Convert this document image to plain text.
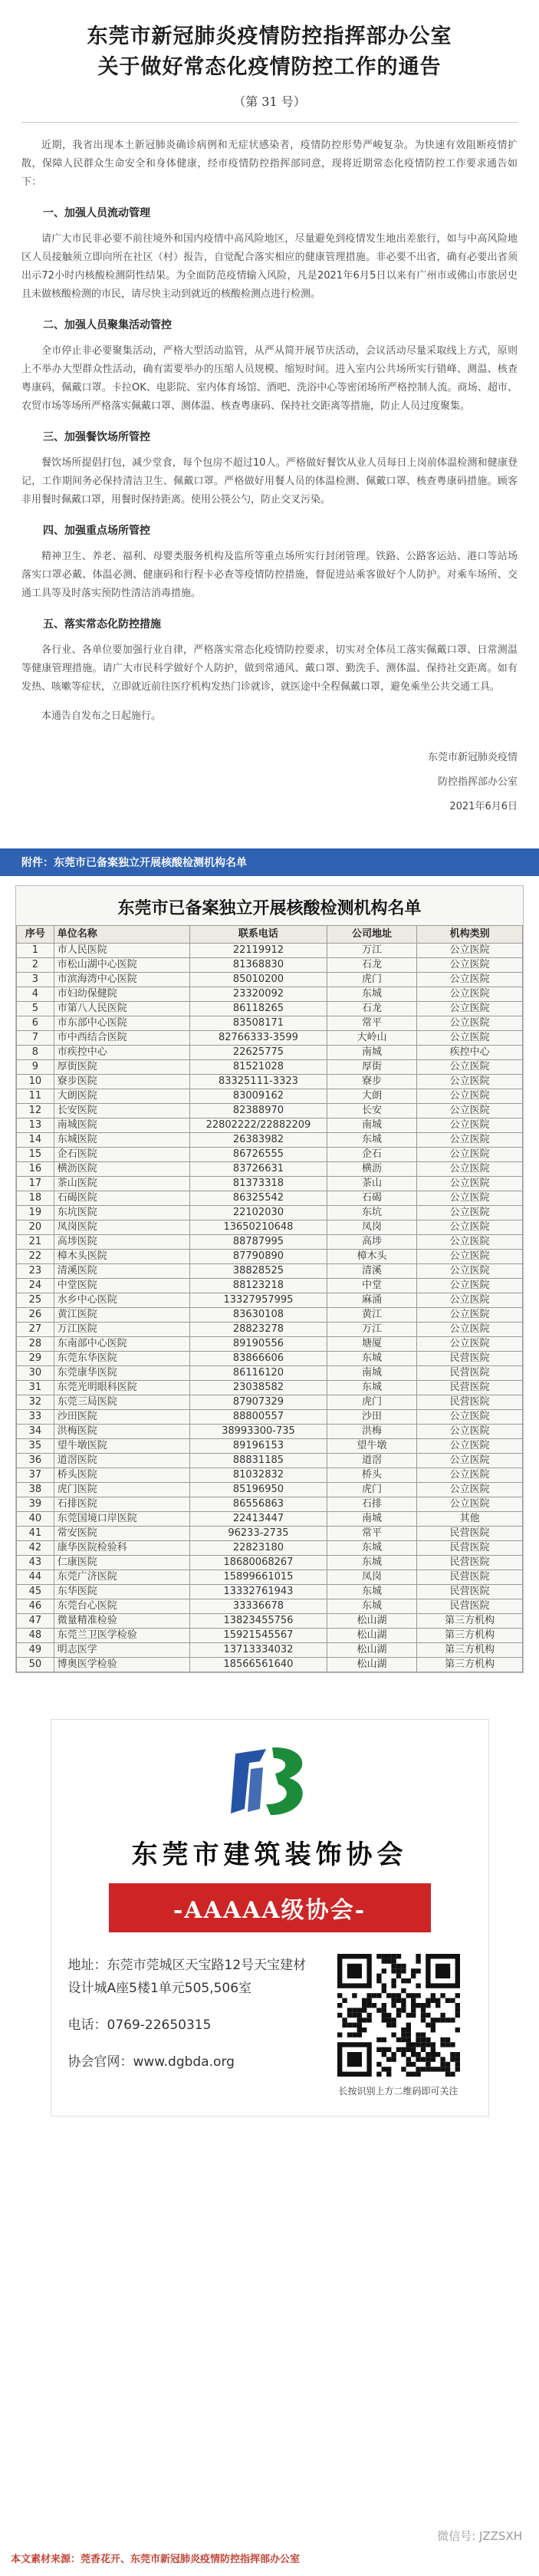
东莞市新冠肺炎疫情防控指挥部办公室
关于做好常态化疫情防控工作的通告
（第 31 号）

近期，我省出现本土新冠肺炎确诊病例和无症状感染者，疫情防控形势严峻复杂。为快速有效阻断疫情扩散，保障人民群众生命安全和身体健康，经市疫情防控指挥部同意，现将近期常态化疫情防控工作要求通告如下：

一、加强人员流动管理

请广大市民非必要不前往境外和国内疫情中高风险地区，尽量避免到疫情发生地出差旅行，如与中高风险地区人员接触须立即向所在社区（村）报告，自觉配合落实相应的健康管理措施。非必要不出省，确有必要出省须出示72小时内核酸检测阴性结果。为全面防范疫情输入风险，凡是2021年6月5日以来有广州市或佛山市旅居史且未做核酸检测的市民，请尽快主动到就近的核酸检测点进行检测。

二、加强人员聚集活动管控

全市停止非必要聚集活动，严格大型活动监管，从严从简开展节庆活动，会议活动尽量采取线上方式，原则上不举办大型群众性活动，确有需要举办的压缩人员规模、缩短时间。进入室内公共场所实行错峰、测温、核查粤康码，佩戴口罩。卡拉OK、电影院、室内体育场馆、酒吧、洗浴中心等密闭场所严格控制人流。商场、超市、农贸市场等场所严格落实佩戴口罩、测体温、核查粤康码、保持社交距离等措施，防止人员过度聚集。

三、加强餐饮场所管控

餐饮场所提倡打包，减少堂食，每个包房不超过10人。严格做好餐饮从业人员每日上岗前体温检测和健康登记，工作期间务必保持清洁卫生、佩戴口罩。严格做好用餐人员的体温检测、佩戴口罩、核查粤康码措施。顾客非用餐时佩戴口罩，用餐时保持距离。使用公筷公勺，防止交叉污染。

四、加强重点场所管控

精神卫生、养老、福利、母婴类服务机构及监所等重点场所实行封闭管理。铁路、公路客运站、港口等站场落实口罩必戴、体温必测、健康码和行程卡必查等疫情防控措施，督促进站乘客做好个人防护。对乘车场所、交通工具等及时落实预防性清洁消毒措施。

五、落实常态化防控措施

各行业、各单位要加强行业自律，严格落实常态化疫情防控要求，切实对全体员工落实佩戴口罩、日常测温等健康管理措施。请广大市民科学做好个人防护，做到常通风、戴口罩、勤洗手、测体温、保持社交距离。如有发热、咳嗽等症状，立即就近前往医疗机构发热门诊就诊，就医途中全程佩戴口罩，避免乘坐公共交通工具。

本通告自发布之日起施行。

东莞市新冠肺炎疫情
防控指挥部办公室
2021年6月6日
附件：东莞市已备案独立开展核酸检测机构名单
东莞市已备案独立开展核酸检测机构名单
序号	单位名称	联系电话	公司地址	机构类别
1	市人民医院	22119912	万江	公立医院
2	市松山湖中心医院	81368830	石龙	公立医院
3	市滨海湾中心医院	85010200	虎门	公立医院
4	市妇幼保健院	23320092	东城	公立医院
5	市第八人民医院	86118265	石龙	公立医院
6	市东部中心医院	83508171	常平	公立医院
7	市中西结合医院	82766333-3599	大岭山	公立医院
8	市疾控中心	22625775	南城	疾控中心
9	厚街医院	81521028	厚街	公立医院
10	寮步医院	83325111-3323	寮步	公立医院
11	大朗医院	83009162	大朗	公立医院
12	长安医院	82388970	长安	公立医院
13	南城医院	22802222/22882209	南城	公立医院
14	东城医院	26383982	东城	公立医院
15	企石医院	86726555	企石	公立医院
16	横沥医院	83726631	横沥	公立医院
17	茶山医院	81373318	茶山	公立医院
18	石碣医院	86325542	石碣	公立医院
19	东坑医院	22102030	东坑	公立医院
20	凤岗医院	13650210648	凤岗	公立医院
21	高埗医院	88787995	高埗	公立医院
22	樟木头医院	87790890	樟木头	公立医院
23	清溪医院	38828525	清溪	公立医院
24	中堂医院	88123218	中堂	公立医院
25	水乡中心医院	13327957995	麻涌	公立医院
26	黄江医院	83630108	黄江	公立医院
27	万江医院	28823278	万江	公立医院
28	东南部中心医院	89190556	塘厦	公立医院
29	东莞东华医院	83866606	东城	民营医院
30	东莞康华医院	86116120	南城	民营医院
31	东莞光明眼科医院	23038582	东城	民营医院
32	东莞三局医院	87907329	虎门	民营医院
33	沙田医院	88800557	沙田	公立医院
34	洪梅医院	38993300-735	洪梅	公立医院
35	望牛墩医院	89196153	望牛墩	公立医院
36	道滘医院	88831185	道滘	公立医院
37	桥头医院	81032832	桥头	公立医院
38	虎门医院	85196950	虎门	公立医院
39	石排医院	86556863	石排	公立医院
40	东莞国境口岸医院	22413447	南城	其他
41	常安医院	96233-2735	常平	民营医院
42	康华医院检验科	22823180	东城	民营医院
43	仁康医院	18680068267	东城	民营医院
44	东莞广济医院	15899661015	凤岗	民营医院
45	东华医院	13332761943	东城	民营医院
46	东莞台心医院	33336678	东城	民营医院
47	微量精准检验	13823455756	松山湖	第三方机构
48	东莞兰卫医学检验	15921545567	松山湖	第三方机构
49	明志医学	13713334032	松山湖	第三方机构
50	博奥医学检验	18566561640	松山湖	第三方机构
东莞市建筑装饰协会
-AAAAA级协会-
地址：东莞市莞城区天宝路12号天宝建材设计城A座5楼1单元505,506室
电话：0769-22650315
协会官网：www.dgbda.org
长按识别上方二维码即可关注
微信号: JZZSXH
本文素材来源：莞香花开、东莞市新冠肺炎疫情防控指挥部办公室
